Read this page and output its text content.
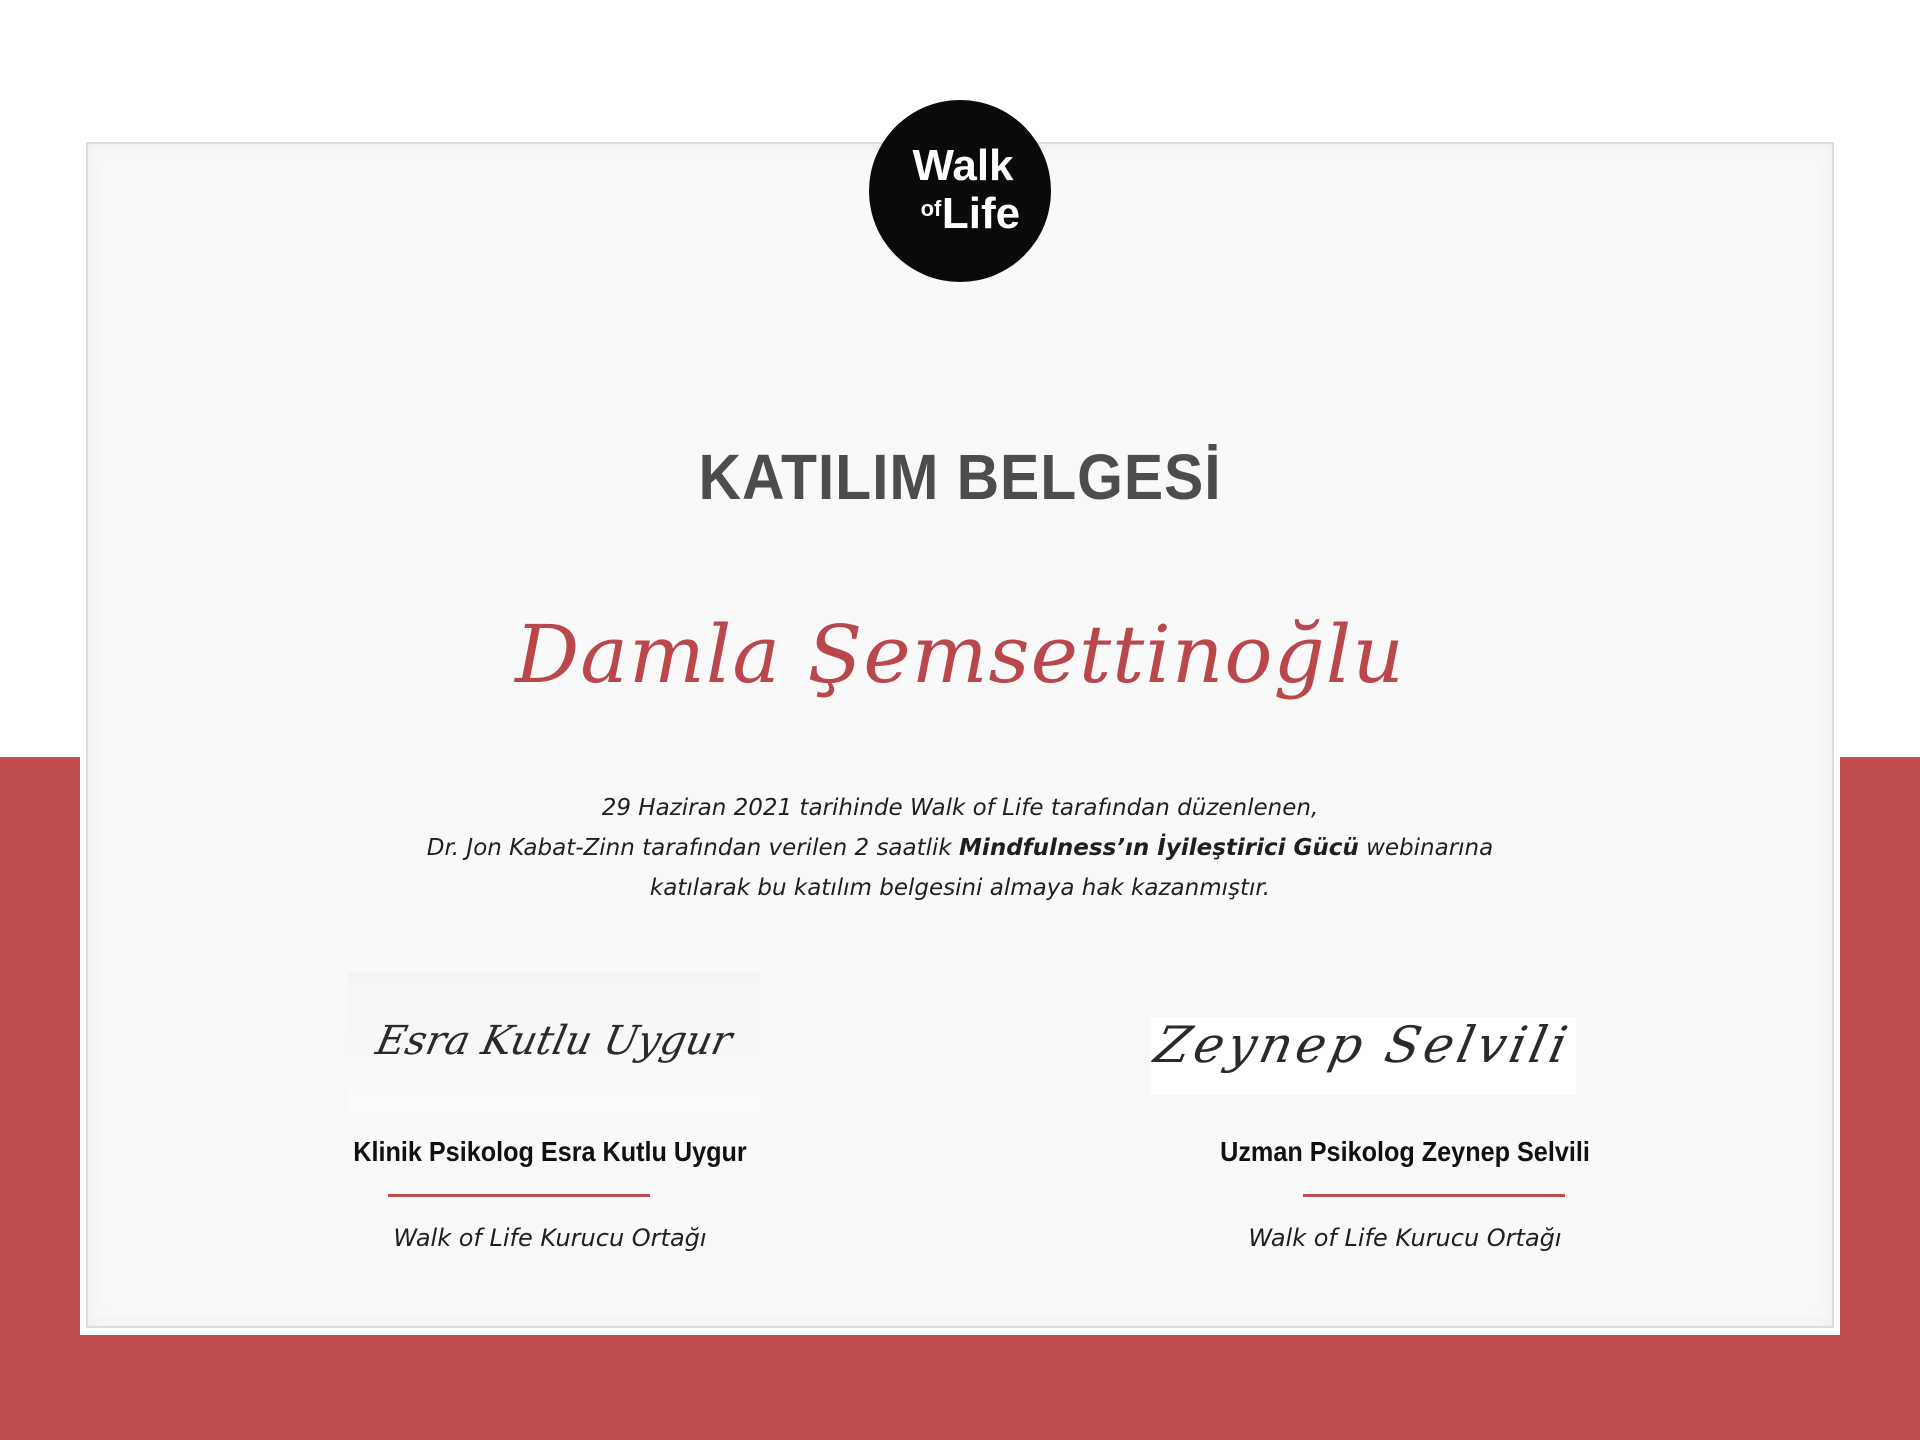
Walk
of Life
KATILIM BELGESİ
Damla Şemsettinoğlu
29 Haziran 2021 tarihinde Walk of Life tarafından düzenlenen,
Dr. Jon Kabat-Zinn tarafından verilen 2 saatlik Mindfulness’ın İyileştirici Gücü webinarına
katılarak bu katılım belgesini almaya hak kazanmıştır.
Esra Kutlu Uygur	Zeynep Selvili
Klinik Psikolog Esra Kutlu Uygur	Uzman Psikolog Zeynep Selvili
Walk of Life Kurucu Ortağı	Walk of Life Kurucu Ortağı
